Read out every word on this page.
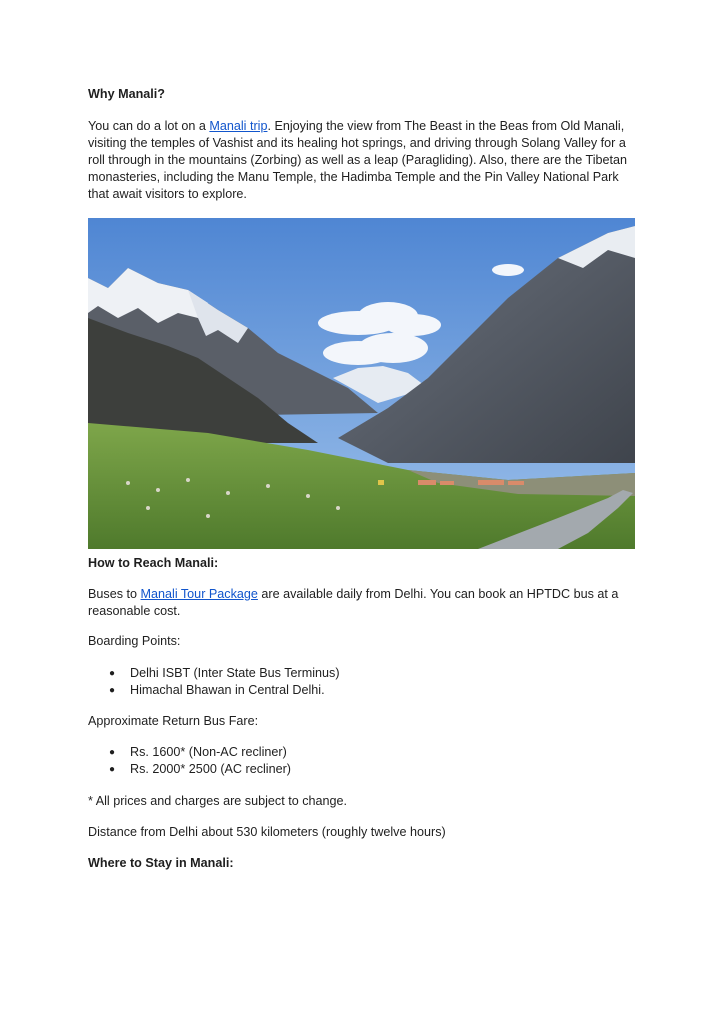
Why Manali?

You can do a lot on a Manali trip. Enjoying the view from The Beast in the Beas from Old Manali, visiting the temples of Vashist and its healing hot springs, and driving through Solang Valley for a roll through in the mountains (Zorbing) as well as a leap (Paragliding). Also, there are the Tibetan monasteries, including the Manu Temple, the Hadimba Temple and the Pin Valley National Park that await visitors to explore.

How to Reach Manali:

Buses to Manali Tour Package are available daily from Delhi. You can book an HPTDC bus at a reasonable cost.

Boarding Points:

● Delhi ISBT (Inter State Bus Terminus)
● Himachal Bhawan in Central Delhi.

Approximate Return Bus Fare:

● Rs. 1600* (Non-AC recliner)
● Rs. 2000* 2500 (AC recliner)

* All prices and charges are subject to change.

Distance from Delhi about 530 kilometers (roughly twelve hours)

Where to Stay in Manali:
